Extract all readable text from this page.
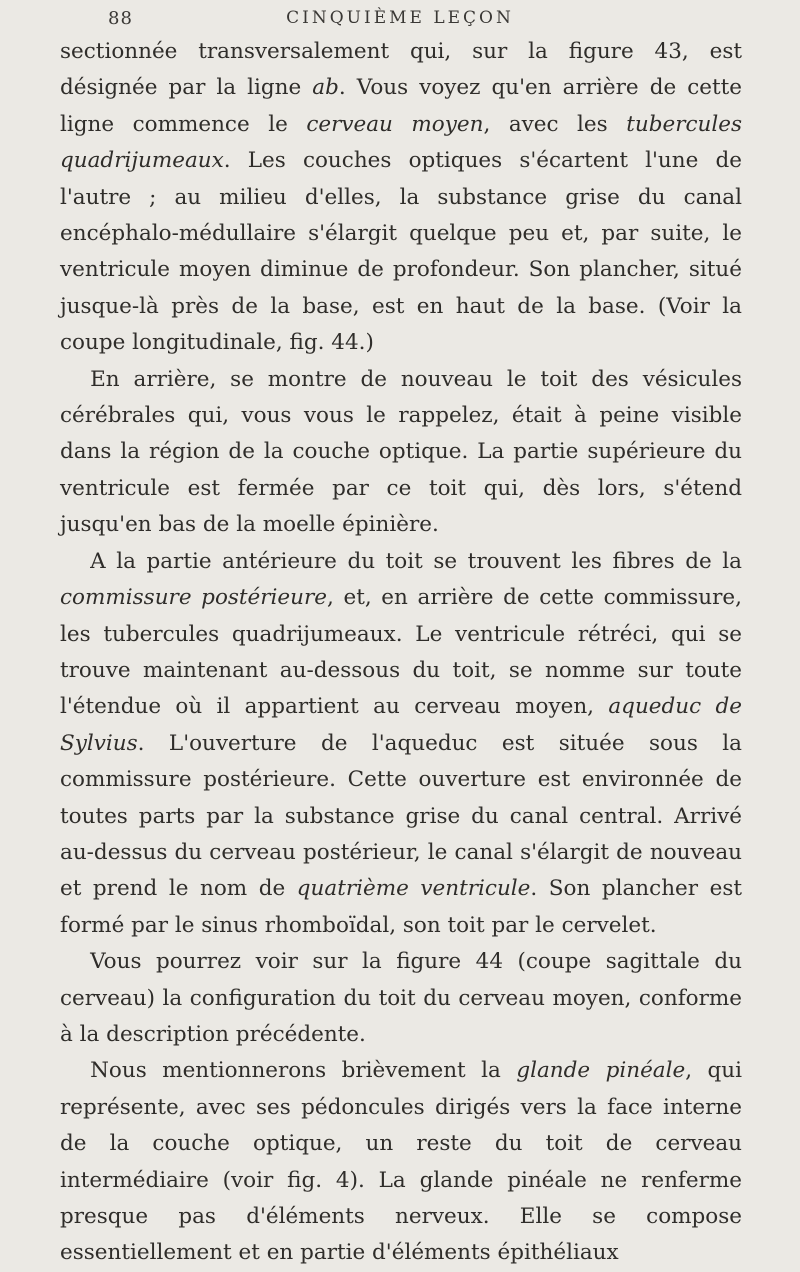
88	CINQUIÈME LEÇON

sectionnée transversalement qui, sur la figure 43, est désignée par la ligne ab. Vous voyez qu'en arrière de cette ligne commence le cerveau moyen, avec les tubercules quadrijumeaux. Les couches optiques s'écartent l'une de l'autre ; au milieu d'elles, la substance grise du canal encéphalo-médullaire s'élargit quelque peu et, par suite, le ventricule moyen diminue de profondeur. Son plancher, situé jusque-là près de la base, est en haut de la base. (Voir la coupe longitudinale, fig. 44.)

En arrière, se montre de nouveau le toit des vésicules cérébrales qui, vous vous le rappelez, était à peine visible dans la région de la couche optique. La partie supérieure du ventricule est fermée par ce toit qui, dès lors, s'étend jusqu'en bas de la moelle épinière.

A la partie antérieure du toit se trouvent les fibres de la commissure postérieure, et, en arrière de cette commissure, les tubercules quadrijumeaux. Le ventricule rétréci, qui se trouve maintenant au-dessous du toit, se nomme sur toute l'étendue où il appartient au cerveau moyen, aqueduc de Sylvius. L'ouverture de l'aqueduc est située sous la commissure postérieure. Cette ouverture est environnée de toutes parts par la substance grise du canal central. Arrivé au-dessus du cerveau postérieur, le canal s'élargit de nouveau et prend le nom de quatrième ventricule. Son plancher est formé par le sinus rhomboïdal, son toit par le cervelet.

Vous pourrez voir sur la figure 44 (coupe sagittale du cerveau) la configuration du toit du cerveau moyen, conforme à la description précédente.

Nous mentionnerons brièvement la glande pinéale, qui représente, avec ses pédoncules dirigés vers la face interne de la couche optique, un reste du toit de cerveau intermédiaire (voir fig. 4). La glande pinéale ne renferme presque pas d'éléments nerveux. Elle se compose essentiellement et en partie d'éléments épithéliaux
